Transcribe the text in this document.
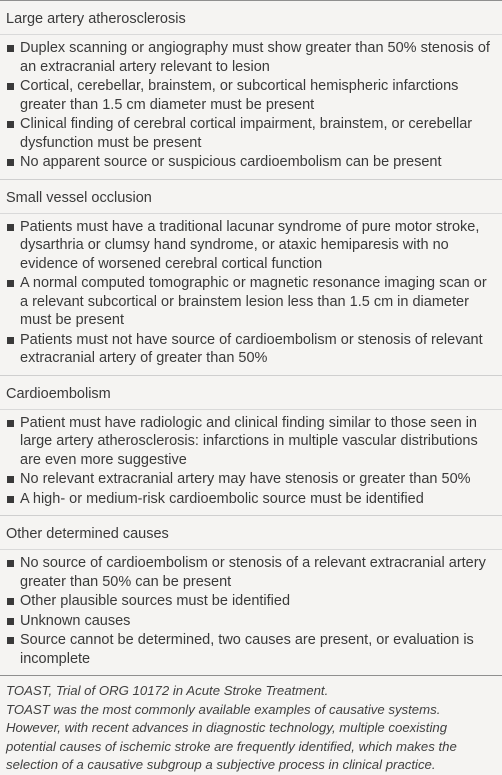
Large artery atherosclerosis
Duplex scanning or angiography must show greater than 50% stenosis of an extracranial artery relevant to lesion
Cortical, cerebellar, brainstem, or subcortical hemispheric infarctions greater than 1.5 cm diameter must be present
Clinical finding of cerebral cortical impairment, brainstem, or cerebellar dysfunction must be present
No apparent source or suspicious cardioembolism can be present
Small vessel occlusion
Patients must have a traditional lacunar syndrome of pure motor stroke, dysarthria or clumsy hand syndrome, or ataxic hemiparesis with no evidence of worsened cerebral cortical function
A normal computed tomographic or magnetic resonance imaging scan or a relevant subcortical or brainstem lesion less than 1.5 cm in diameter must be present
Patients must not have source of cardioembolism or stenosis of relevant extracranial artery of greater than 50%
Cardioembolism
Patient must have radiologic and clinical finding similar to those seen in large artery atherosclerosis: infarctions in multiple vascular distributions are even more suggestive
No relevant extracranial artery may have stenosis or greater than 50%
A high- or medium-risk cardioembolic source must be identified
Other determined causes
No source of cardioembolism or stenosis of a relevant extracranial artery greater than 50% can be present
Other plausible sources must be identified
Unknown causes
Source cannot be determined, two causes are present, or evaluation is incomplete

TOAST, Trial of ORG 10172 in Acute Stroke Treatment.

TOAST was the most commonly available examples of causative systems. However, with recent advances in diagnostic technology, multiple coexisting potential causes of ischemic stroke are frequently identified, which makes the selection of a causative subgroup a subjective process in clinical practice.
